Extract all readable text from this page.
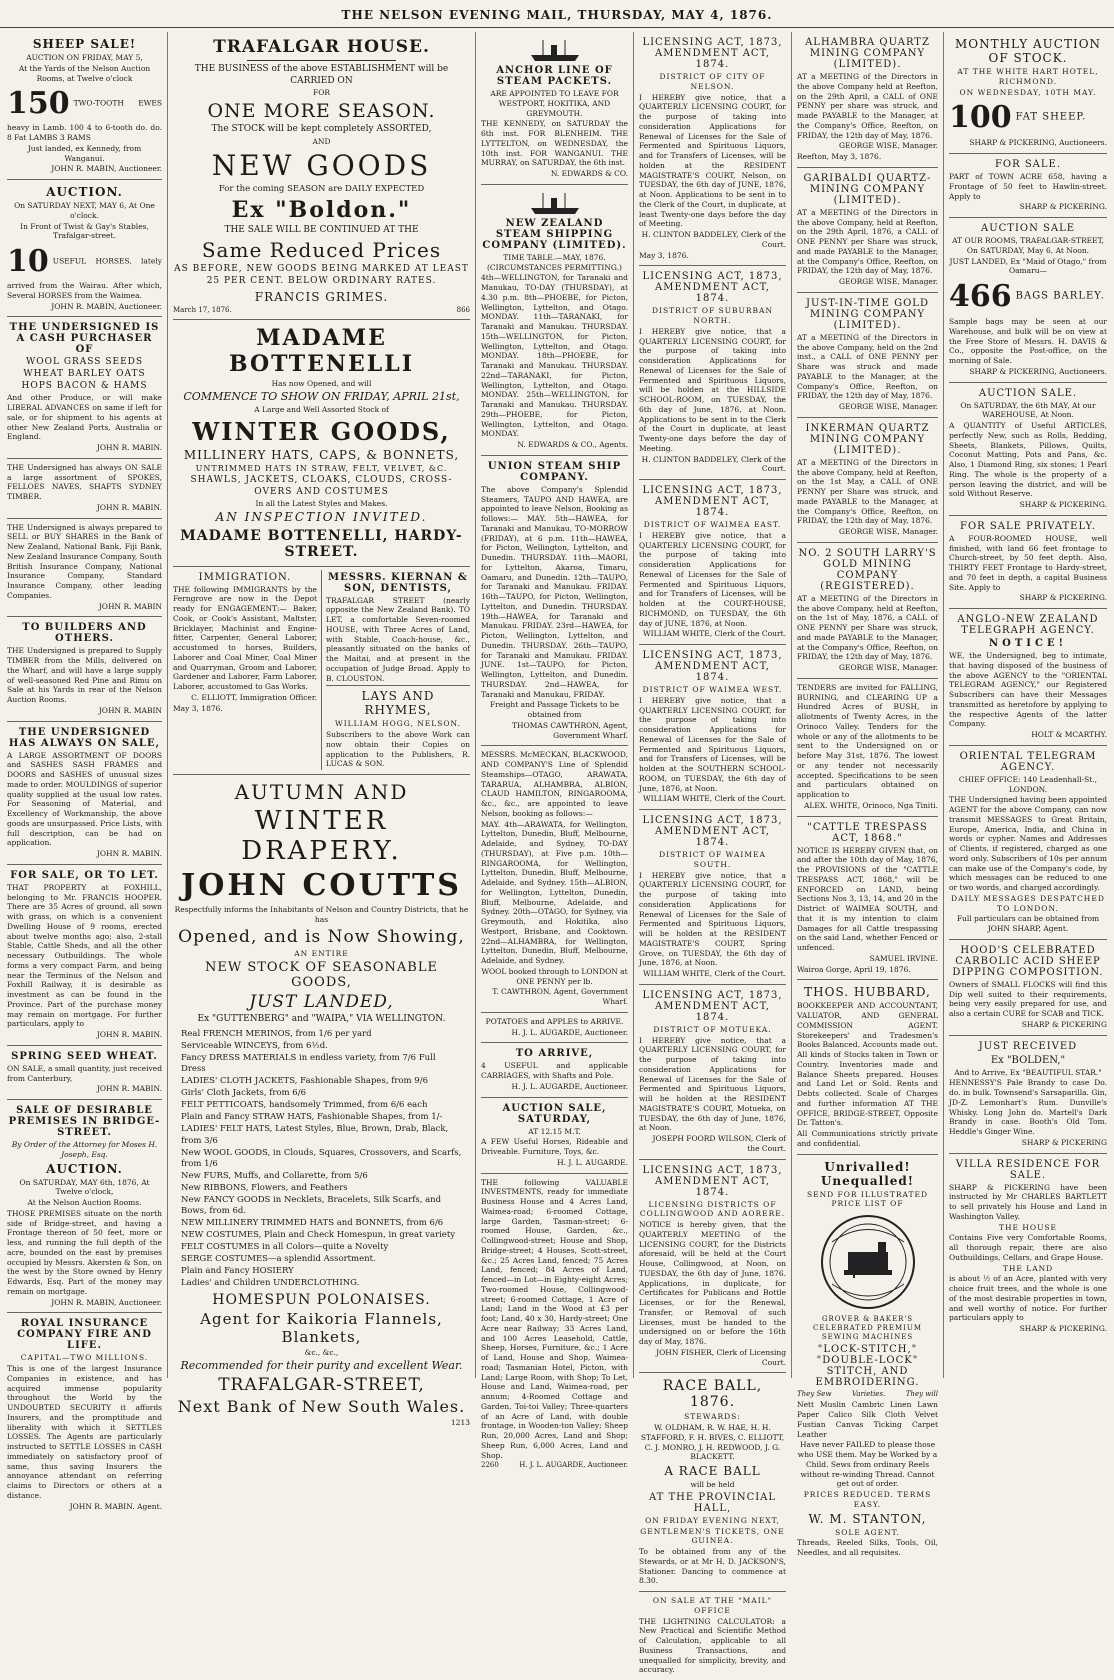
THE NELSON EVENING MAIL, THURSDAY, MAY 4, 1876.
SHEEP SALE!
AUCTION ON FRIDAY, MAY 5,
At the Yards of the Nelson Auction Rooms, at Twelve o'clock
150 TWO-TOOTH EWES heavy in Lamb. 100 4 to 6-tooth do. do. 8 Fat LAMBS 3 RAMS
Just landed, ex Kennedy, from Wanganui.
JOHN R. MABIN, Auctioneer.
AUCTION.
On SATURDAY NEXT, MAY 6, At One o'clock.
In Front of Twist & Gay's Stables, Trafalgar-street.
10 USEFUL HORSES, lately arrived from the Wairau. After which, Several HORSES from the Waimea.
JOHN R. MABIN, Auctioneer.
THE UNDERSIGNED IS A CASH PURCHASER OF
WOOL GRASS SEEDS WHEAT BARLEY OATS HOPS BACON & HAMS
And other Produce, or will make LIBERAL ADVANCES on same if left for sale, or for shipment to his agents at other New Zealand Ports, Australia or England.
JOHN R. MABIN.
THE Undersigned has always ON SALE a large assortment of SPOKES, FELLOES NAVES, SHAFTS SYDNEY TIMBER.
JOHN R. MABIN.
THE Undersigned is always prepared to SELL or BUY SHARES in the Bank of New Zealand, National Bank, Fiji Bank, New Zealand Insurance Company, South British Insurance Company, National Insurance Company, Standard Insurance Company, other leading Companies.
JOHN R. MABIN
TO BUILDERS AND OTHERS.
THE Undersigned is prepared to Supply TIMBER from the Mills, delivered on the Wharf, and will have a large supply of well-seasoned Red Pine and Rimu on Sale at his Yards in rear of the Nelson Auction Rooms.
JOHN R. MABIN
THE UNDERSIGNED HAS ALWAYS ON SALE,
A LARGE ASSORTMENT OF DOORS and SASHES SASH FRAMES and DOORS and SASHES of unusual sizes made to order. MOULDINGS of superior quality supplied at the usual low rates. For Seasoning of Material, and Excellency of Workmanship, the above goods are unsurpassed. Price Lists, with full description, can be had on application.
JOHN R. MABIN.
FOR SALE, OR TO LET.
THAT PROPERTY at FOXHILL, belonging to Mr. FRANCIS HOOPER. There are 35 Acres of ground, all sown with grass, on which is a convenient Dwelling House of 9 rooms, erected about twelve months ago; also, 2-stall Stable, Cattle Sheds, and all the other necessary Outbuildings. The whole forms a very compact Farm, and being near the Terminus of the Nelson and Foxhill Railway, it is desirable as investment as can be found in the Province. Part of the purchase money may remain on mortgage. For further particulars, apply to
JOHN R. MABIN.
SPRING SEED WHEAT.
ON SALE, a small quantity, just received from Canterbury,
JOHN R. MABIN.
SALE OF DESIRABLE PREMISES IN BRIDGE-STREET.
By Order of the Attorney for Moses H. Joseph, Esq.
AUCTION.
On SATURDAY, MAY 6th, 1876, At Twelve o'clock,
At the Nelson Auction Rooms.
THOSE PREMISES situate on the north side of Bridge-street, and having a Frontage thereon of 50 feet, more or less, and running the full depth of the acre, bounded on the east by premises occupied by Messrs. Akersten & Son, on the west by the Store owned by Henry Edwards, Esq. Part of the money may remain on mortgage.
JOHN R. MABIN, Auctioneer.
ROYAL INSURANCE COMPANY FIRE AND LIFE.
CAPITAL—TWO MILLIONS.
This is one of the largest Insurance Companies in existence, and has acquired immense popularity throughout the World by the UNDOUBTED SECURITY it affords Insurers, and the promptitude and liberality with which it SETTLES LOSSES. The Agents are particularly instructed to SETTLE LOSSES in CASH immediately on satisfactory proof of same, thus saving Insurers the annoyance attendant on referring claims to Directors or others at a distance.
JOHN R. MABIN. Agent.
TRAFALGAR HOUSE.
THE BUSINESS of the above ESTABLISHMENT will be CARRIED ON
FOR
ONE MORE SEASON.
The STOCK will be kept completely ASSORTED,
AND
NEW GOODS
For the coming SEASON are DAILY EXPECTED
Ex "Boldon."
THE SALE WILL BE CONTINUED AT THE
Same Reduced Prices
AS BEFORE, NEW GOODS BEING MARKED AT LEAST 25 PER CENT. BELOW ORDINARY RATES.
FRANCIS GRIMES.
March 17, 1876.	866
MADAME BOTTENELLI
Has now Opened, and will
COMMENCE TO SHOW ON FRIDAY, APRIL 21st,
A Large and Well Assorted Stock of
WINTER GOODS,
MILLINERY HATS, CAPS, & BONNETS,
UNTRIMMED HATS IN STRAW, FELT, VELVET, &C.
SHAWLS, JACKETS, CLOAKS, CLOUDS, CROSS-OVERS AND COSTUMES
In all the Latest Styles and Makes.
AN INSPECTION INVITED.
MADAME BOTTENELLI, HARDY-STREET.
IMMIGRATION.
THE following IMMIGRANTS by the Ferngrove are now in the Depot ready for ENGAGEMENT:— Baker, Cook, or Cook's Assistant, Maltster, Bricklayer, Machinist and Engine-fitter, Carpenter, General Laborer, accustomed to horses, Builders, Laborer and Coal Miner, Coal Miner and Quarryman, Groom and Laborer, Gardener and Laborer, Farm Laborer, Laborer, accustomed to Gas Works.
C. ELLIOTT, Immigration Officer.
May 3, 1876.
MESSRS. KIERNAN & SON, DENTISTS,
TRAFALGAR STREET (nearly opposite the New Zealand Bank). TO LET, a comfortable Seven-roomed HOUSE, with Three Acres of Land, with Stable, Coach-house, &c., pleasantly situated on the banks of the Maitai, and at present in the occupation of Judge Broad. Apply to B. CLOUSTON.
LAYS AND RHYMES,
WILLIAM HOGG, NELSON.
Subscribers to the above Work can now obtain their Copies on application to the Publishers, R. LUCAS & SON.
AUTUMN AND
WINTER DRAPERY.
JOHN COUTTS
Respectfully informs the Inhabitants of Nelson and Country Districts, that he has
Opened, and is Now Showing,
AN ENTIRE
NEW STOCK OF SEASONABLE GOODS,
JUST LANDED,
Ex "GUTTENBERG" and "WAIPA," VIA WELLINGTON.
Real FRENCH MERINOS, from 1/6 per yard
Serviceable WINCEYS, from 6½d.
Fancy DRESS MATERIALS in endless variety, from 7/6 Full Dress
LADIES' CLOTH JACKETS, Fashionable Shapes, from 9/6
Girls' Cloth Jackets, from 6/6
FELT PETTICOATS, handsomely Trimmed, from 6/6 each
Plain and Fancy STRAW HATS, Fashionable Shapes, from 1/-
LADIES' FELT HATS, Latest Styles, Blue, Brown, Drab, Black, from 3/6
New WOOL GOODS, in Clouds, Squares, Crossovers, and Scarfs, from 1/6
New FURS, Muffs, and Collarette, from 5/6
New RIBBONS, Flowers, and Feathers
New FANCY GOODS in Necklets, Bracelets, Silk Scarfs, and Bows, from 6d.
NEW MILLINERY TRIMMED HATS and BONNETS, from 6/6
NEW COSTUMES, Plain and Check Homespun, in great variety
FELT COSTUMES in all Colors—quite a Novelty
SERGE COSTUMES—a splendid Assortment.
Plain and Fancy HOSIERY
Ladies' and Children UNDERCLOTHING.
HOMESPUN POLONAISES.
Agent for Kaikoria Flannels, Blankets,
&c., &c.,
Recommended for their purity and excellent Wear.
TRAFALGAR-STREET,
Next Bank of New South Wales.
1213
ANCHOR LINE OF STEAM PACKETS.
ARE APPOINTED TO LEAVE FOR WESTPORT, HOKITIKA, AND GREYMOUTH.
THE KENNEDY, on SATURDAY the 6th inst. FOR BLENHEIM. THE LYTTELTON, on WEDNESDAY, the 10th inst. FOR WANGANUI. THE MURRAY, on SATURDAY, the 6th inst.
N. EDWARDS & CO.
NEW ZEALAND STEAM SHIPPING COMPANY (LIMITED).
TIME TABLE.—MAY, 1876. (CIRCUMSTANCES PERMITTING.)
4th—WELLINGTON, for Taranaki and Manukau, TO-DAY (THURSDAY), at 4.30 p.m. 8th—PHOEBE, for Picton, Wellington, Lyttelton, and Otago. MONDAY. 11th—TARANAKI, for Taranaki and Manukau. THURSDAY. 15th—WELLINGTON, for Picton, Wellington, Lyttelton, and Otago. MONDAY. 18th—PHOEBE, for Taranaki and Manukau. THURSDAY. 22nd—TARANAKI, for Picton, Wellington, Lyttelton, and Otago. MONDAY. 25th—WELLINGTON, for Taranaki and Manukau. THURSDAY. 29th—PHOEBE, for Picton, Wellington, Lyttelton, and Otago. MONDAY.
N. EDWARDS & CO., Agents.
UNION STEAM SHIP COMPANY.
The above Company's Splendid Steamers, TAUPO AND HAWEA, are appointed to leave Nelson, Booking as follows:— MAY. 5th—HAWEA, for Taranaki and Manukau, TO-MORROW (FRIDAY), at 6 p.m. 11th—HAWEA, for Picton, Wellington, Lyttelton, and Dunedin. THURSDAY. 11th—MAORI, for Lyttelton, Akaroa, Timaru, Oamaru, and Dunedin. 12th—TAUPO, for Taranaki and Manukau. FRIDAY. 16th—TAUPO, for Picton, Wellington, Lyttelton, and Dunedin. THURSDAY. 19th—HAWEA, for Taranaki and Manukau. FRIDAY. 23rd—HAWEA, for Picton, Wellington, Lyttelton, and Dunedin. THURSDAY. 26th—TAUPO, for Taranaki and Manukau. FRIDAY. JUNE. 1st—TAUPO, for Picton, Wellington, Lyttelton, and Dunedin. THURSDAY. 2nd—HAWEA, for Taranaki and Manukau, FRIDAY.
Freight and Passage Tickets to be obtained from
THOMAS CAWTHRON, Agent, Government Wharf.
MESSRS. McMECKAN, BLACKWOOD, AND COMPANY'S Line of Splendid Steamships—OTAGO, ARAWATA, TARARUA, ALHAMBRA, ALBION, CLAUD HAMILTON, RINGAROOMA, &c., &c., are appointed to leave Nelson, booking as follows:—
MAY. 4th—ARAWATA, for Wellington, Lyttelton, Dunedin, Bluff, Melbourne, Adelaide, and Sydney, TO-DAY (THURSDAY), at Five p.m. 10th—RINGAROOMA, for Wellington, Lyttelton, Dunedin, Bluff, Melbourne, Adelaide, and Sydney. 15th—ALBION, for Wellington, Lyttelton, Dunedin, Bluff, Melbourne, Adelaide, and Sydney. 20th—OTAGO, for Sydney, via Greymouth, and Hokitika, also Westport, Brisbane, and Cooktown. 22nd—ALHAMBRA, for Wellington, Lyttelton, Dunedin, Bluff, Melbourne, Adelaide, and Sydney.
WOOL booked through to LONDON at ONE PENNY per lb.
T. CAWTHRON, Agent, Government Wharf.
POTATOES and APPLES to ARRIVE.
H. J. L. AUGARDE, Auctioneer.
TO ARRIVE,
4 USEFUL and applicable CARRIAGES, with Shafts and Pole.
H. J. L. AUGARDE, Auctioneer.
AUCTION SALE, SATURDAY,
AT 12.15 M.T.
A FEW Useful Horses, Rideable and Driveable. Furniture, Toys, &c.
H. J. L. AUGARDE.
THE following VALUABLE INVESTMENTS, ready for immediate Business House and 4 Acres Land, Waimea-road; 6-roomed Cottage, large Garden, Tasman-street; 6-roomed House, Garden, &c., Collingwood-street; House and Shop, Bridge-street; 4 Houses, Scott-street, &c.; 25 Acres Land, fenced; 75 Acres Land, fenced; 84 Acres of Land, fenced—in Lot—in Eighty-eight Acres; Two-roomed House, Collingwood-street; 6-roomed Cottage, 1 Acre of Land; Land in the Wood at £3 per foot; Land, 40 x 30, Hardy-street; One Acre near Railway; 33 Acres Land, and 100 Acres Leasehold, Cattle, Sheep, Horses, Furniture, &c.; 1 Acre of Land, House and Shop, Waimea-road; Tasmanian Hotel, Picton, with Land; Large Room, with Shop; To Let, House and Land, Waimea-road, per annum; 4-Roomed Cottage and Garden, Toi-toi Valley; Three-quarters of an Acre of Land, with double frontage, in Wooden-ton Valley; Sheep Run, 20,000 Acres, Land and Shop; Sheep Run, 6,000 Acres, Land and Shop.
2260	H. J. L. AUGARDE, Auctioneer.
LICENSING ACT, 1873, AMENDMENT ACT, 1874.
DISTRICT OF CITY OF NELSON.
I HEREBY give notice, that a QUARTERLY LICENSING COURT, for the purpose of taking into consideration Applications for Renewal of Licenses for the Sale of Fermented and Spirituous Liquors, and for Transfers of Licenses, will be holden at the RESIDENT MAGISTRATE'S COURT, Nelson, on TUESDAY, the 6th day of JUNE, 1876, at Noon. Applications to be sent in to the Clerk of the Court, in duplicate, at least Twenty-one days before the day of Meeting.
H. CLINTON BADDELEY, Clerk of the Court.
May 3, 1876.
LICENSING ACT, 1873, AMENDMENT ACT, 1874.
DISTRICT OF SUBURBAN NORTH.
I HEREBY give notice, that a QUARTERLY LICENSING COURT, for the purpose of taking into consideration Applications for Renewal of Licenses for the Sale of Fermented and Spirituous Liquors, will be holden at the HILLSIDE SCHOOL-ROOM, on TUESDAY, the 6th day of June, 1876, at Noon. Applications to be sent in to the Clerk of the Court in duplicate, at least Twenty-one days before the day of Meeting.
H. CLINTON BADDELEY, Clerk of the Court.
LICENSING ACT, 1873, AMENDMENT ACT, 1874.
DISTRICT OF WAIMEA EAST.
I HEREBY give notice, that a QUARTERLY LICENSING COURT, for the purpose of taking into consideration Applications for Renewal of Licenses for the Sale of Fermented and Spirituous Liquors, and for Transfers of Licenses, will be holden at the COURT-HOUSE, RICHMOND, on TUESDAY, the 6th day of JUNE, 1876, at Noon.
WILLIAM WHITE, Clerk of the Court.
LICENSING ACT, 1873, AMENDMENT ACT, 1874.
DISTRICT OF WAIMEA WEST.
I HEREBY give notice, that a QUARTERLY LICENSING COURT, for the purpose of taking into consideration Applications for Renewal of Licenses for the Sale of Fermented and Spirituous Liquors, and for Transfers of Licenses, will be holden at the SOUTHERN SCHOOL-ROOM, on TUESDAY, the 6th day of June, 1876, at Noon.
WILLIAM WHITE, Clerk of the Court.
LICENSING ACT, 1873, AMENDMENT ACT, 1874.
DISTRICT OF WAIMEA SOUTH.
I HEREBY give notice, that a QUARTERLY LICENSING COURT, for the purpose of taking into consideration Applications for Renewal of Licenses for the Sale of Fermented and Spirituous Liquors, will be holden at the RESIDENT MAGISTRATE'S COURT, Spring Grove, on TUESDAY, the 6th day of June, 1876, at Noon.
WILLIAM WHITE, Clerk of the Court.
LICENSING ACT, 1873, AMENDMENT ACT, 1874.
DISTRICT OF MOTUEKA.
I HEREBY give notice, that a QUARTERLY LICENSING COURT, for the purpose of taking into consideration Applications for Renewal of Licenses for the Sale of Fermented and Spirituous Liquors, will be holden at the RESIDENT MAGISTRATE'S COURT, Motueka, on TUESDAY, the 6th day of June, 1876, at Noon.
JOSEPH FOORD WILSON, Clerk of the Court.
LICENSING ACT, 1873, AMENDMENT ACT, 1874.
LICENSING DISTRICTS OF COLLINGWOOD AND AORERE.
NOTICE is hereby given, that the QUARTERLY MEETING of the LICENSING COURT, for the Districts aforesaid, will be held at the Court House, Collingwood, at Noon, on TUESDAY, the 6th day of June, 1876. Applications, in duplicate, for Certificates for Publicans and Bottle Licenses, or for the Renewal, Transfer, or Removal of such Licenses, must be handed to the undersigned on or before the 16th day of May, 1876.
JOHN FISHER, Clerk of Licensing Court.
RACE BALL, 1876.
STEWARDS:
W. OLDHAM, R. W. HAE, H. H. STAFFORD, F. H. BIVES, C. ELLIOTT, C. J. MONRO, J. H. REDWOOD, J. G. BLACKETT.
A RACE BALL
will be held
AT THE PROVINCIAL HALL,
ON FRIDAY EVENING NEXT,
GENTLEMEN'S TICKETS, ONE GUINEA.
To be obtained from any of the Stewards, or at Mr H. D. JACKSON'S, Stationer. Dancing to commence at 8.30.
ON SALE AT THE "MAIL" OFFICE
THE LIGHTNING CALCULATOR: a New Practical and Scientific Method of Calculation, applicable to all Business Transactions, and unequalled for simplicity, brevity, and accuracy.
ALHAMBRA QUARTZ MINING COMPANY (LIMITED).
AT a MEETING of the Directors in the above Company held at Reefton, on the 29th April, a CALL of ONE PENNY per share was struck, and made PAYABLE to the Manager, at the Company's Office, Reefton, on FRIDAY, the 12th day of May, 1876.
GEORGE WISE, Manager.
Reefton, May 3, 1876.
GARIBALDI QUARTZ-MINING COMPANY (LIMITED).
AT a MEETING of the Directors in the above Company, held at Reefton, on the 29th April, 1876, a CALL of ONE PENNY per Share was struck, and made PAYABLE to the Manager, at the Company's Office, Reefton, on FRIDAY, the 12th day of May, 1876.
GEORGE WISE, Manager.
JUST-IN-TIME GOLD MINING COMPANY (LIMITED).
AT a MEETING of the Directors in the above Company, held on the 2nd inst., a CALL of ONE PENNY per Share was struck and made PAYABLE to the Manager, at the Company's Office, Reefton, on FRIDAY, the 12th day of May, 1876.
GEORGE WISE, Manager.
INKERMAN QUARTZ MINING COMPANY (LIMITED).
AT a MEETING of the Directors in the above Company, held at Reefton, on the 1st May, a CALL of ONE PENNY per Share was struck, and made PAYABLE to the Manager, at the Company's Office, Reefton, on FRIDAY, the 12th day of May, 1876.
GEORGE WISE, Manager.
NO. 2 SOUTH LARRY'S GOLD MINING COMPANY (REGISTERED).
AT a MEETING of the Directors in the above Company, held at Reefton, on the 1st of May, 1876, a CALL of ONE PENNY per Share was struck, and made PAYABLE to the Manager, at the Company's Office, Reefton, on FRIDAY, the 12th day of May, 1876.
GEORGE WISE, Manager.
TENDERS are invited for FALLING, BURNING, and CLEARING UP a Hundred Acres of BUSH, in allotments of Twenty Acres, in the Orinoco Valley. Tenders for the whole or any of the allotments to be sent to the Undersigned on or before May 31st, 1876. The lowest or any tender not necessarily accepted. Specifications to be seen and particulars obtained on application to
ALEX. WHITE, Orinoco, Nga Tiniti.
"CATTLE TRESPASS ACT, 1868."
NOTICE IS HEREBY GIVEN that, on and after the 10th day of May, 1876, the PROVISIONS of the "CATTLE TRESPASS ACT, 1868," will be ENFORCED on LAND, being Sections Nos 3, 13, 14, and 20 in the District of WAIMEA SOUTH, and that it is my intention to claim Damages for all Cattle trespassing on the said Land, whether Fenced or unfenced.
SAMUEL IRVINE.
Wairoa Gorge, April 19, 1876.
THOS. HUBBARD,
BOOKKEEPER AND ACCOUNTANT, VALUATOR, AND GENERAL COMMISSION AGENT. Storekeepers' and Tradesmen's Books Balanced. Accounts made out. All kinds of Stocks taken in Town or Country. Inventories made and Balance Sheets prepared. Houses and Land Let or Sold. Rents and Debts collected. Scale of Charges and further information AT THE OFFICE, BRIDGE-STREET, Opposite Dr. Tatton's.
All Communications strictly private and confidential.
Unrivalled! Unequalled!
SEND FOR ILLUSTRATED PRICE LIST OF
GROVER & BAKER'S CELEBRATED PREMIUM SEWING MACHINES
"LOCK-STITCH," "DOUBLE-LOCK" STITCH, AND EMBROIDERING.
They Sew	Varieties.	They will
Nett Muslin Cambric Linen Lawn Paper Calico Silk Cloth Velvet Fustian Canvas Ticking Carpet Leather
Have never FAILED to please those who USE them. May be Worked by a Child. Sews from ordinary Reels without re-winding Thread. Cannot get out of order.
PRICES REDUCED. TERMS EASY.
W. M. STANTON,
SOLE AGENT.
Threads, Reeled Silks, Tools, Oil, Needles, and all requisites.
MONTHLY AUCTION OF STOCK.
AT THE WHITE HART HOTEL, RICHMOND.
ON WEDNESDAY, 10TH MAY.
100 FAT SHEEP.
SHARP & PICKERING, Auctioneers.
FOR SALE.
PART of TOWN ACRE 658, having a Frontage of 50 feet to Hawlin-street. Apply to
SHARP & PICKERING.
AUCTION SALE
AT OUR ROOMS, TRAFALGAR-STREET, On SATURDAY, May 6, At Noon.
JUST LANDED, Ex "Maid of Otago," from Oamaru—
466 BAGS BARLEY.
Sample bags may be seen at our Warehouse, and bulk will be on view at the Free Store of Messrs. H. DAVIS & Co., opposite the Post-office, on the morning of Sale.
SHARP & PICKERING, Auctioneers.
AUCTION SALE.
On SATURDAY, the 6th MAY, At our WAREHOUSE, At Noon.
A QUANTITY of Useful ARTICLES, perfectly New, such as Rolls, Bedding, Sheets, Blankets, Pillows, Quilts, Coconut Matting, Pots and Pans, &c. Also, 1 Diamond Ring, six stones; 1 Pearl Ring. The whole is the property of a person leaving the district, and will be sold Without Reserve.
SHARP & PICKERING.
FOR SALE PRIVATELY.
A FOUR-ROOMED HOUSE, well finished, with land 66 feet frontage to Church-street, by 50 feet depth. Also, THIRTY FEET Frontage to Hardy-street, and 70 feet in depth, a capital Business Site. Apply to
SHARP & PICKERING.
ANGLO-NEW ZEALAND TELEGRAPH AGENCY.
NOTICE!
WE, the Undersigned, beg to intimate, that having disposed of the business of the above AGENCY to the "ORIENTAL TELEGRAM AGENCY," our Registered Subscribers can have their Messages transmitted as heretofore by applying to the respective Agents of the latter Company.
HOLT & MCARTHY.
ORIENTAL TELEGRAM AGENCY.
CHIEF OFFICE: 140 Leadenhall-St., LONDON.
THE Undersigned having been appointed AGENT for the above Company, can now transmit MESSAGES to Great Britain, Europe, America, India, and China in words or cypher. Names and Addresses of Clients, if registered, charged as one word only. Subscribers of 10s per annum can make use of the Company's code, by which messages can be reduced to one or two words, and charged accordingly.
DAILY MESSAGES DESPATCHED TO LONDON.
Full particulars can be obtained from JOHN SHARP, Agent.
HOOD'S CELEBRATED CARBOLIC ACID SHEEP DIPPING COMPOSITION.
Owners of SMALL FLOCKS will find this Dip well suited to their requirements, being very easily prepared for use, and also a certain CURE for SCAB and TICK.
SHARP & PICKERING
JUST RECEIVED
Ex "BOLDEN,"
And to Arrive, Ex "BEAUTIFUL STAR."
HENNESSY'S Pale Brandy to case Do. do. in bulk. Townsend's Sarsaparilla. Gin, JD-Z. Lemonhart's Rum. Dunville's Whisky. Long John do. Martell's Dark Brandy in case. Booth's Old Tom. Heddle's Ginger Wine.
SHARP & PICKERING
VILLA RESIDENCE FOR SALE.
SHARP & PICKERING have been instructed by Mr CHARLES BARTLETT to sell privately his House and Land in Washington Valley.
THE HOUSE
Contains Five very Comfortable Rooms, all thorough repair, there are also Outbuildings, Cellars, and Grape House.
THE LAND
is about ½ of an Acre, planted with very choice fruit trees, and the whole is one of the most desirable properties in town, and well worthy of notice. For further particulars apply to
SHARP & PICKERING.
